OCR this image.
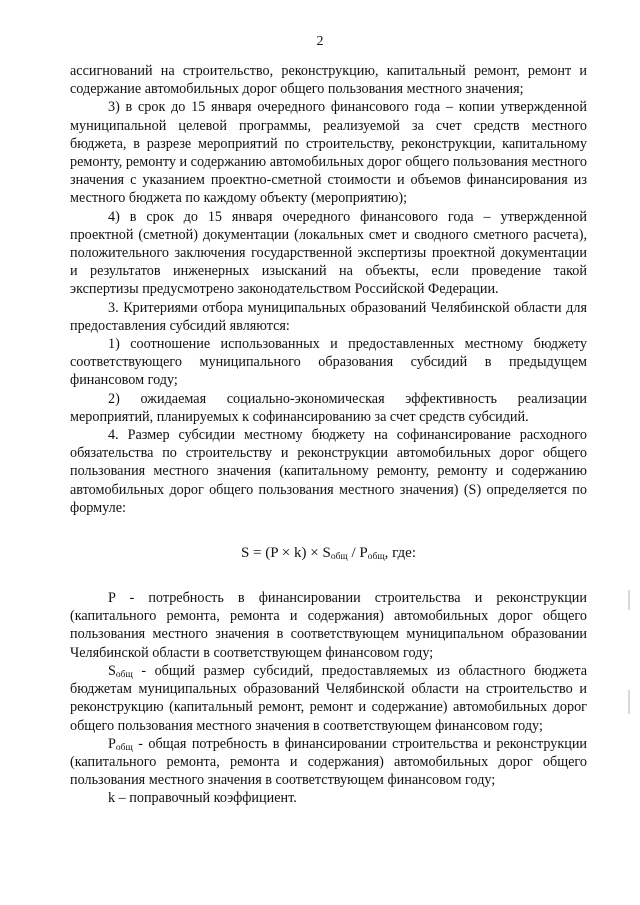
2

ассигнований на строительство, реконструкцию, капитальный ремонт, ремонт и содержание автомобильных дорог общего пользования местного значения;

3) в срок до 15 января очередного финансового года – копии утвержденной муниципальной целевой программы, реализуемой за счет средств местного бюджета, в разрезе мероприятий по строительству, реконструкции, капитальному ремонту, ремонту и содержанию автомобильных дорог общего пользования местного значения с указанием проектно-сметной стоимости и объемов финансирования из местного бюджета по каждому объекту (мероприятию);

4) в срок до 15 января очередного финансового года – утвержденной проектной (сметной) документации (локальных смет и сводного сметного расчета), положительного заключения государственной экспертизы проектной документации и результатов инженерных изысканий на объекты, если проведение такой экспертизы предусмотрено законодательством Российской Федерации.

3. Критериями отбора муниципальных образований Челябинской области для предоставления субсидий являются:

1) соотношение использованных и предоставленных местному бюджету соответствующего муниципального образования субсидий в предыдущем финансовом году;

2) ожидаемая социально-экономическая эффективность реализации мероприятий, планируемых к софинансированию за счет средств субсидий.

4. Размер субсидии местному бюджету на софинансирование расходного обязательства по строительству и реконструкции автомобильных дорог общего пользования местного значения (капитальному ремонту, ремонту и содержанию автомобильных дорог общего пользования местного значения) (S) определяется по формуле:

$S = (P \times k) \times S_{общ} / P_{общ}$, где:

P - потребность в финансировании строительства и реконструкции (капитального ремонта, ремонта и содержания) автомобильных дорог общего пользования местного значения в соответствующем муниципальном образовании Челябинской области в соответствующем финансовом году;

$S_{общ}$ - общий размер субсидий, предоставляемых из областного бюджета бюджетам муниципальных образований Челябинской области на строительство и реконструкцию (капитальный ремонт, ремонт и содержание) автомобильных дорог общего пользования местного значения в соответствующем финансовом году;

$P_{общ}$ - общая потребность в финансировании строительства и реконструкции (капитального ремонта, ремонта и содержания) автомобильных дорог общего пользования местного значения в соответствующем финансовом году;

k – поправочный коэффициент.
